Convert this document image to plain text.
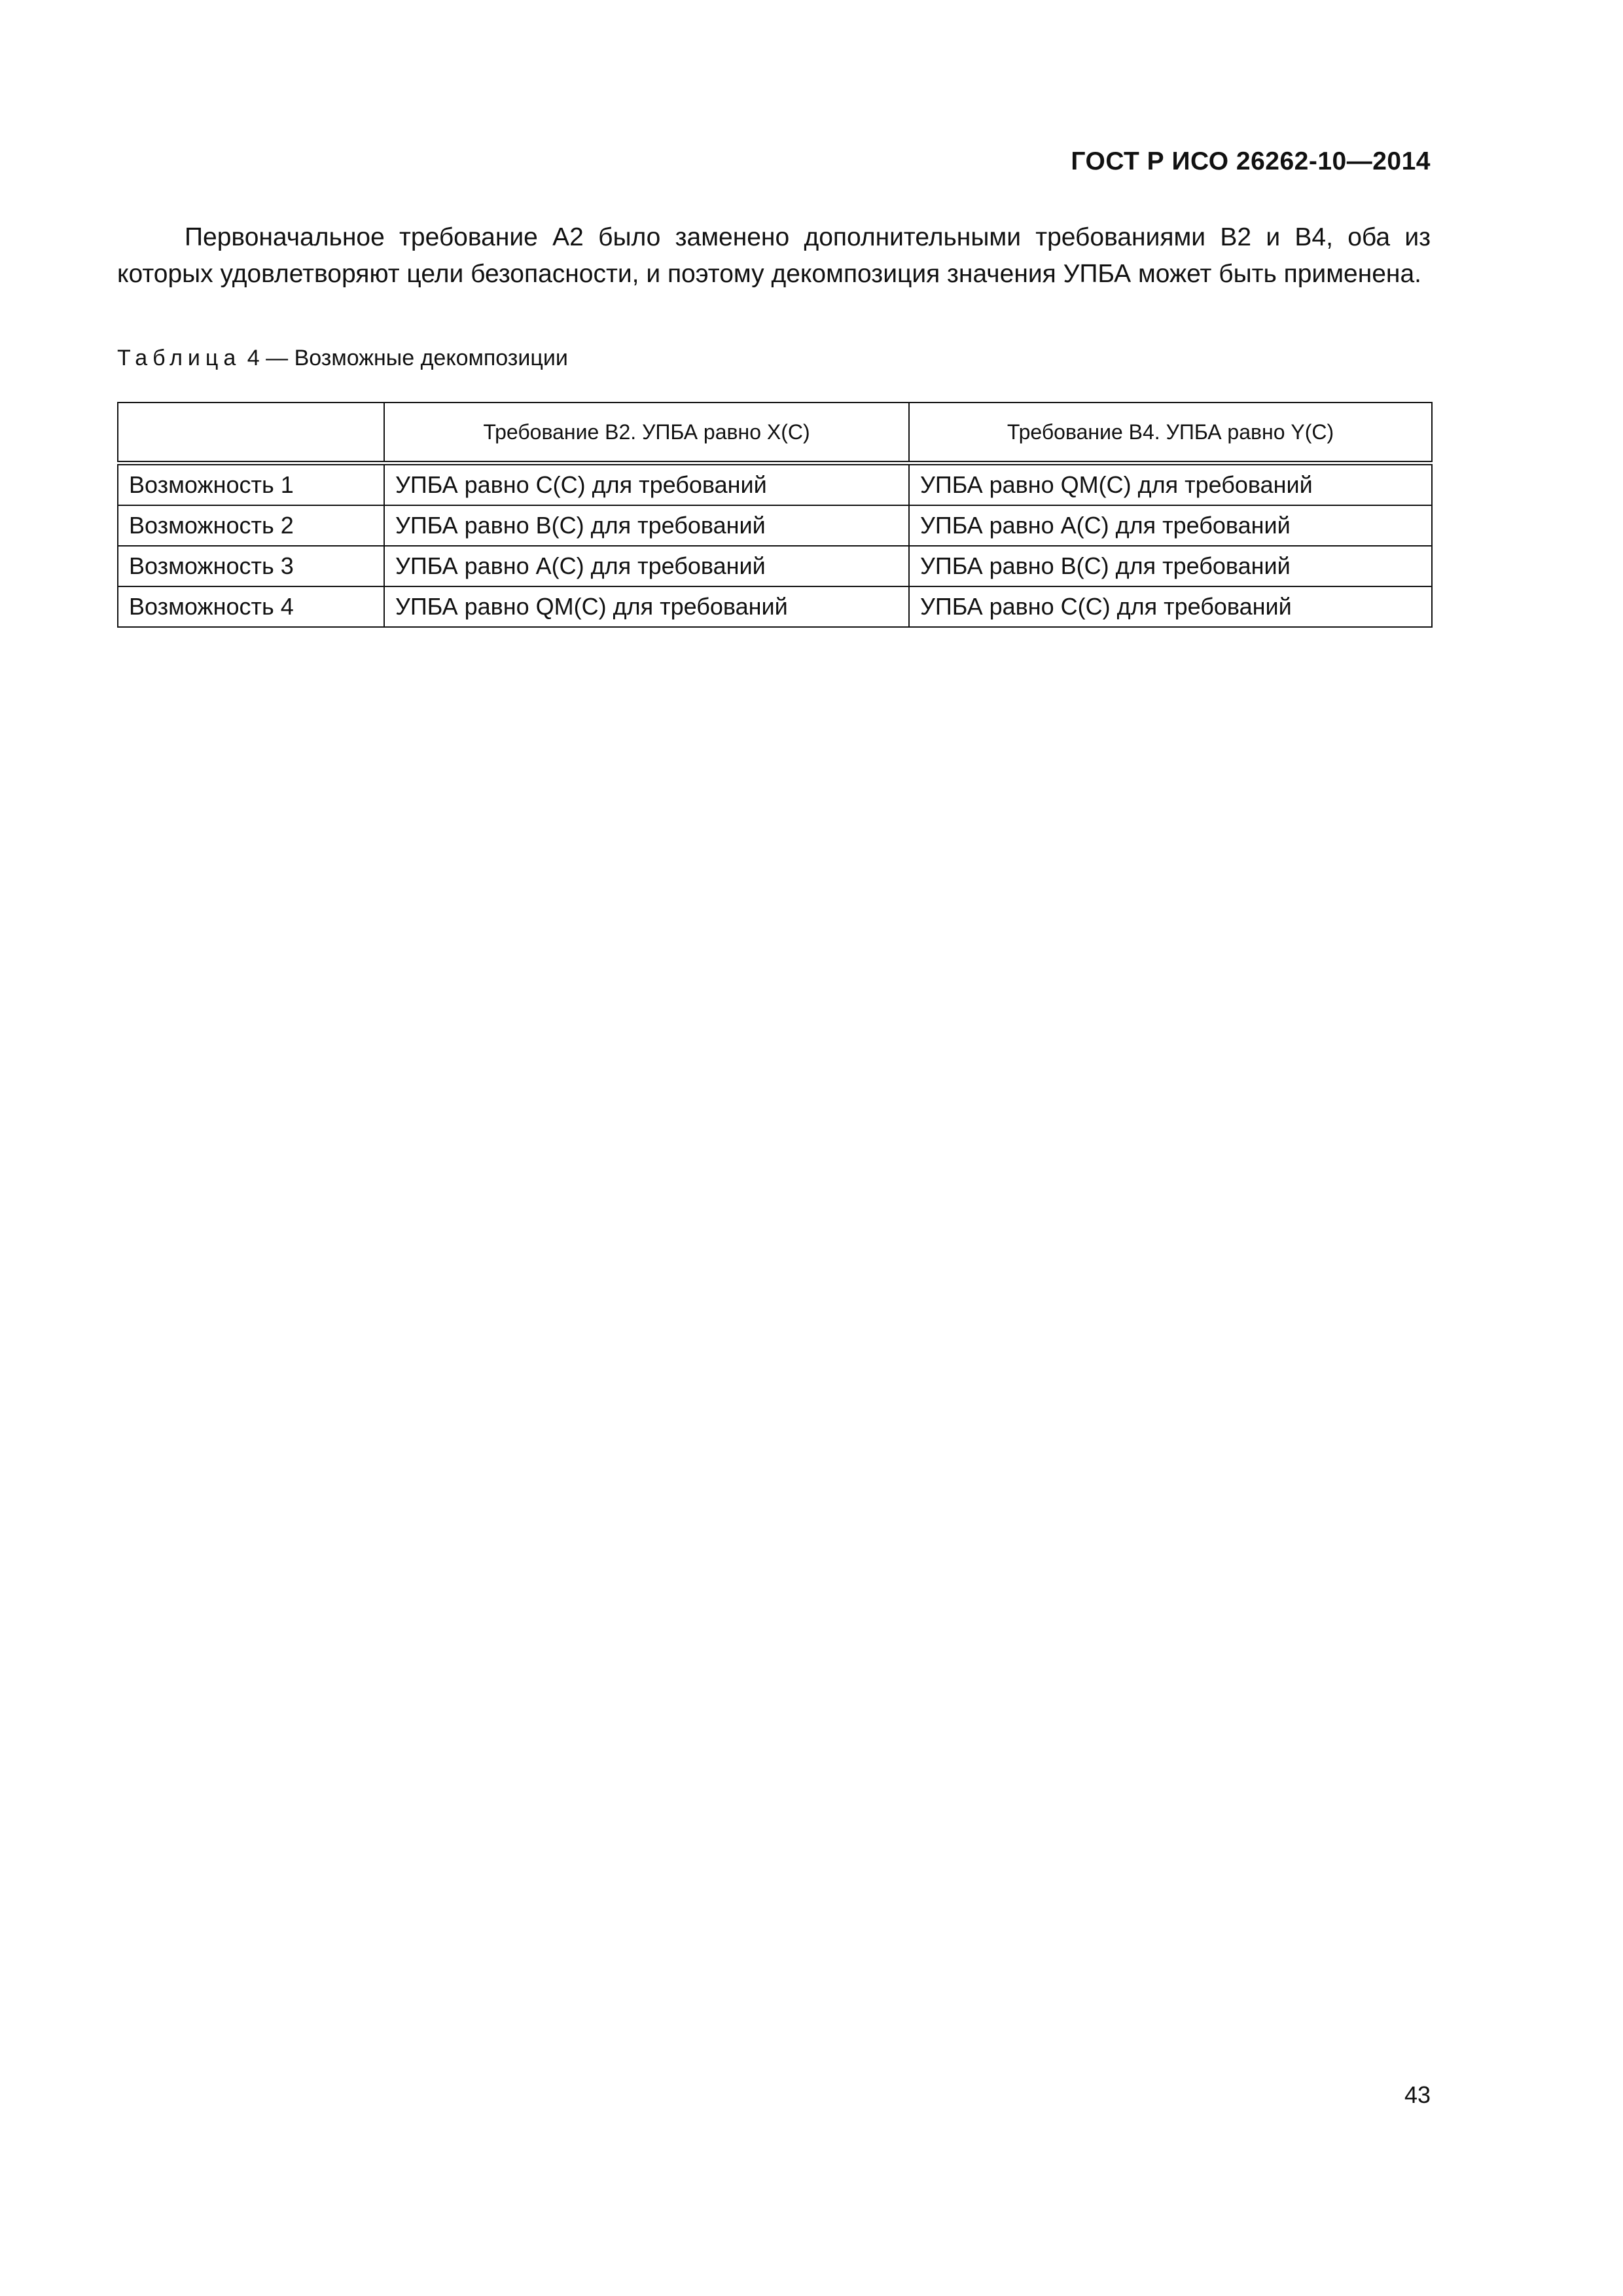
ГОСТ Р ИСО 26262-10—2014

Первоначальное требование А2 было заменено дополнительными требованиями В2 и В4, оба из которых удовлетворяют цели безопасности, и поэтому декомпозиция значения УПБА может быть применена.

Таблица 4 — Возможные декомпозиции
	Требование В2. УПБА равно X(C)	Требование В4. УПБА равно Y(C)
Возможность 1	УПБА равно C(C) для требований	УПБА равно QM(C) для требований
Возможность 2	УПБА равно В(С) для требований	УПБА равно А(С) для требований
Возможность 3	УПБА равно А(С) для требований	УПБА равно В(С) для требований
Возможность 4	УПБА равно QM(C) для требований	УПБА равно C(C) для требований
43
